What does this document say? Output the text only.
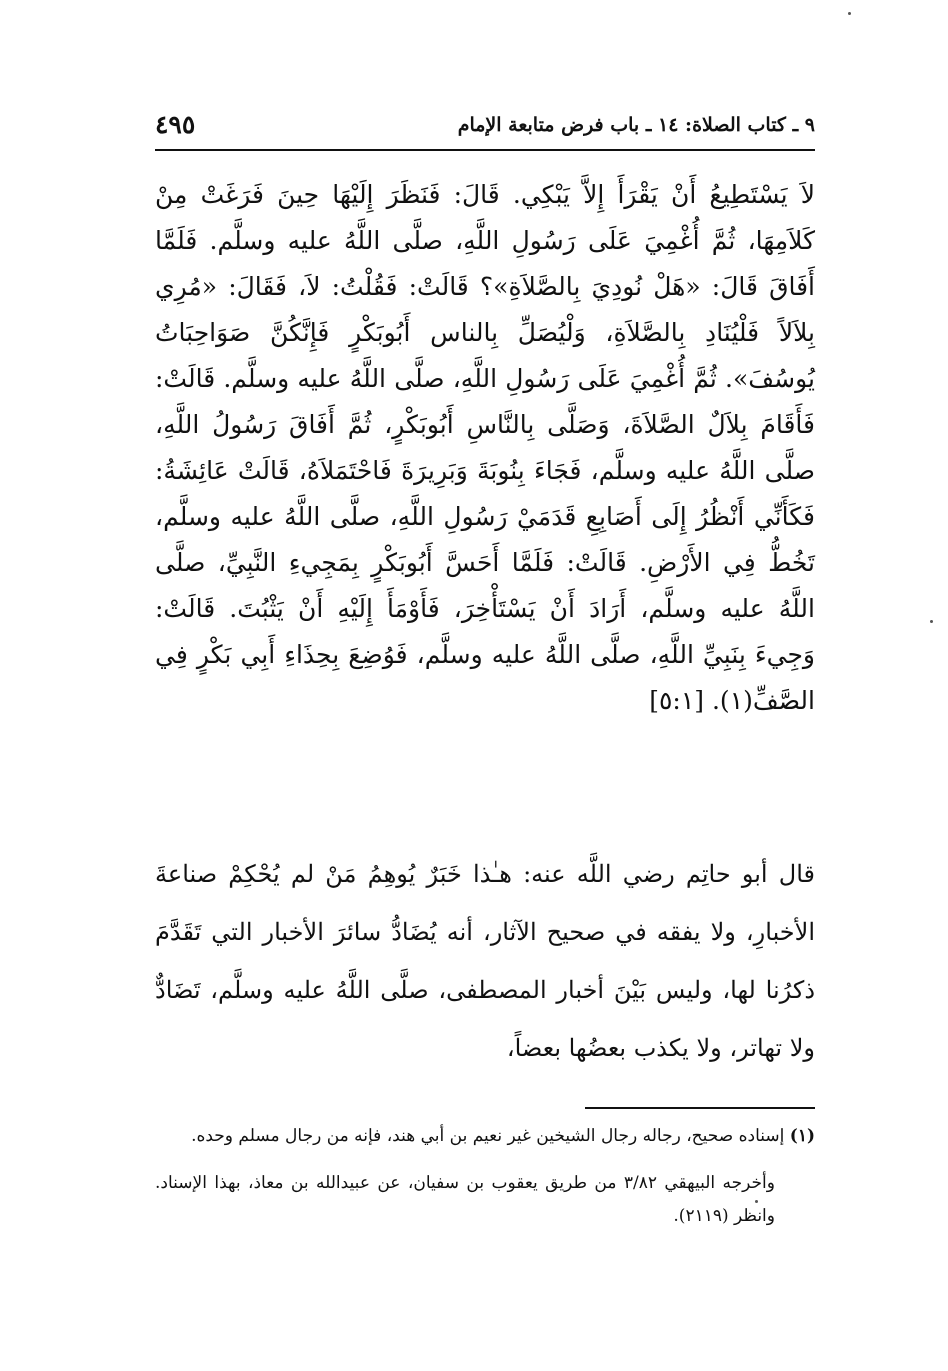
٩ ـ كتاب الصلاة: ١٤ ـ باب فرض متابعة الإمام
٤٩٥

لاَ يَسْتَطِيعُ أَنْ يَقْرَأَ إِلاَّ يَبْكِي. قَالَ: فَنَظَرَ إِلَيْهَا حِينَ فَرَغَتْ مِنْ كَلاَمِهَا، ثُمَّ أُغْمِيَ عَلَى رَسُولِ اللَّهِ، صلَّى اللَّهُ عليه وسلَّم. فَلَمَّا أَفَاقَ قَالَ: «هَلْ نُودِيَ بِالصَّلاَةِ»؟ قَالَتْ: فَقُلْتُ: لاَ، فَقَالَ: «مُرِي بِلاَلاً فَلْيُنَادِ بِالصَّلاَةِ، وَلْيُصَلِّ بِالناس أَبُوبَكْرٍ فَإِنَّكُنَّ صَوَاحِبَاتُ يُوسُفَ». ثُمَّ أُغْمِيَ عَلَى رَسُولِ اللَّهِ، صلَّى اللَّهُ عليه وسلَّم. قَالَتْ: فَأَقَامَ بِلاَلٌ الصَّلاَةَ، وَصَلَّى بِالنَّاسِ أَبُوبَكْرٍ، ثُمَّ أَفَاقَ رَسُولُ اللَّهِ، صلَّى اللَّهُ عليه وسلَّم، فَجَاءَ بِنُوبَةَ وَبَرِيرَةَ فَاحْتَمَلاَهُ، قَالَتْ عَائِشَةُ: فَكَأَنِّي أَنْظُرُ إِلَى أَصَابِعِ قَدَمَيْ رَسُولِ اللَّهِ، صلَّى اللَّهُ عليه وسلَّم، تَخُطُّ فِي الأَرْضِ. قَالَتْ: فَلَمَّا أَحَسَّ أَبُوبَكْرٍ بِمَجِيءِ النَّبِيِّ، صلَّى اللَّهُ عليه وسلَّم، أَرَادَ أَنْ يَسْتَأْخِرَ، فَأَوْمَأَ إِلَيْهِ أَنْ يَثْبُتَ. قَالَتْ: وَجِيءَ بِنَبِيِّ اللَّهِ، صلَّى اللَّهُ عليه وسلَّم، فَوُضِعَ بِحِذَاءِ أَبِي بَكْرٍ فِي الصَّفِّ(١). [٥:١]

قال أبو حاتِم رضي اللَّه عنه: هـٰذا خَبَرٌ يُوهِمُ مَنْ لم يُحْكِمْ صناعةَ الأخبارِ، ولا يفقه في صحيح الآثار، أنه يُضَادُّ سائرَ الأخبار التي تَقَدَّمَ ذكرُنا لها، وليس بَيْنَ أخبار المصطفى، صلَّى اللَّهُ عليه وسلَّم، تَضَادٌّ ولا تهاتر، ولا يكذب بعضُها بعضاً،

(١) إسناده صحيح، رجاله رجال الشيخين غير نعيم بن أبي هند، فإنه من رجال مسلم وحده.

وأخرجه البيهقي ٣/٨٢ من طريق يعقوب بن سفيان، عن عبيدالله بن معاذ، بهذا الإسناد. وانظر (٢١١٩).
